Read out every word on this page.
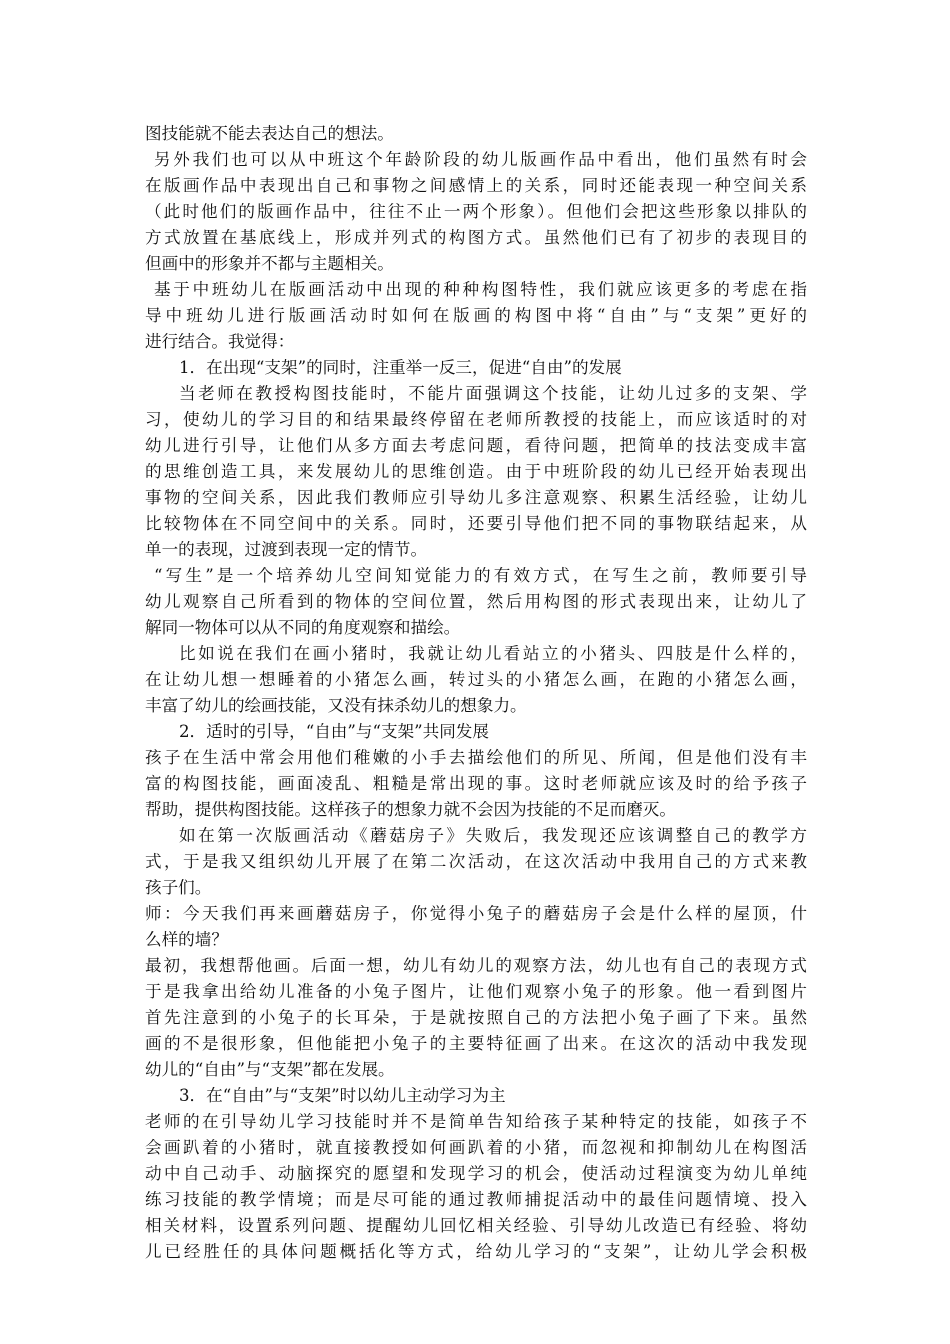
图技能就不能去表达自己的想法。
另外我们也可以从中班这个年龄阶段的幼儿版画作品中看出，他们虽然有时会
在版画作品中表现出自己和事物之间感情上的关系，同时还能表现一种空间关系
（此时他们的版画作品中，往往不止一两个形象）。但他们会把这些形象以排队的
方式放置在基底线上，形成并列式的构图方式。虽然他们已有了初步的表现目的
但画中的形象并不都与主题相关。
基于中班幼儿在版画活动中出现的种种构图特性，我们就应该更多的考虑在指
导中班幼儿进行版画活动时如何在版画的构图中将“自由”与“支架”更好的
进行结合。我觉得：
1．在出现“支架”的同时，注重举一反三，促进“自由”的发展
当老师在教授构图技能时，不能片面强调这个技能，让幼儿过多的支架、学
习，使幼儿的学习目的和结果最终停留在老师所教授的技能上，而应该适时的对
幼儿进行引导，让他们从多方面去考虑问题，看待问题，把简单的技法变成丰富
的思维创造工具，来发展幼儿的思维创造。由于中班阶段的幼儿已经开始表现出
事物的空间关系，因此我们教师应引导幼儿多注意观察、积累生活经验，让幼儿
比较物体在不同空间中的关系。同时，还要引导他们把不同的事物联结起来，从
单一的表现，过渡到表现一定的情节。
“写生”是一个培养幼儿空间知觉能力的有效方式，在写生之前，教师要引导
幼儿观察自己所看到的物体的空间位置，然后用构图的形式表现出来，让幼儿了
解同一物体可以从不同的角度观察和描绘。
比如说在我们在画小猪时，我就让幼儿看站立的小猪头、四肢是什么样的，
在让幼儿想一想睡着的小猪怎么画，转过头的小猪怎么画，在跑的小猪怎么画，
丰富了幼儿的绘画技能，又没有抹杀幼儿的想象力。
2．适时的引导，“自由”与“支架”共同发展
孩子在生活中常会用他们稚嫩的小手去描绘他们的所见、所闻，但是他们没有丰
富的构图技能，画面凌乱、粗糙是常出现的事。这时老师就应该及时的给予孩子
帮助，提供构图技能。这样孩子的想象力就不会因为技能的不足而磨灭。
如在第一次版画活动《蘑菇房子》失败后，我发现还应该调整自己的教学方
式，于是我又组织幼儿开展了在第二次活动，在这次活动中我用自己的方式来教
孩子们。
师：今天我们再来画蘑菇房子，你觉得小兔子的蘑菇房子会是什么样的屋顶，什
么样的墙？
最初，我想帮他画。后面一想，幼儿有幼儿的观察方法，幼儿也有自己的表现方式
于是我拿出给幼儿准备的小兔子图片，让他们观察小兔子的形象。他一看到图片
首先注意到的小兔子的长耳朵，于是就按照自己的方法把小兔子画了下来。虽然
画的不是很形象，但他能把小兔子的主要特征画了出来。在这次的活动中我发现
幼儿的“自由”与“支架”都在发展。
3．在“自由”与“支架”时以幼儿主动学习为主
老师的在引导幼儿学习技能时并不是简单告知给孩子某种特定的技能，如孩子不
会画趴着的小猪时，就直接教授如何画趴着的小猪，而忽视和抑制幼儿在构图活
动中自己动手、动脑探究的愿望和发现学习的机会，使活动过程演变为幼儿单纯
练习技能的教学情境；而是尽可能的通过教师捕捉活动中的最佳问题情境、投入
相关材料，设置系列问题、提醒幼儿回忆相关经验、引导幼儿改造已有经验、将幼
儿已经胜任的具体问题概括化等方式，给幼儿学习的“支架”，让幼儿学会积极
